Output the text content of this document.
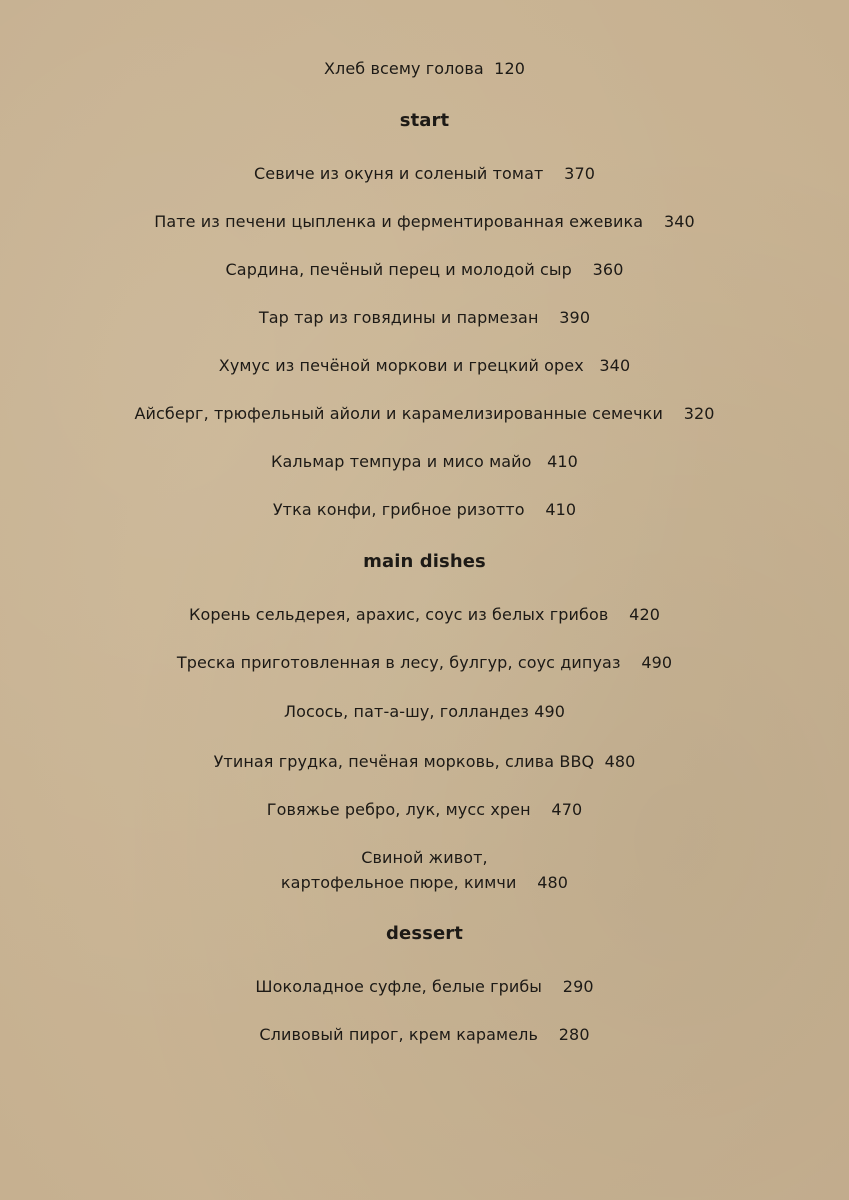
Хлеб всему голова 120
start
Севиче из окуня и соленый томат 370
Пате из печени цыпленка и ферментированная ежевика 340
Сардина, печёный перец и молодой сыр 360
Тар тар из говядины и пармезан 390
Хумус из печёной моркови и грецкий орех 340
Айсберг, трюфельный айоли и карамелизированные семечки 320
Кальмар темпура и мисо майо 410
Утка конфи, грибное ризотто 410
main dishes
Корень сельдерея, арахис, соус из белых грибов 420
Треска приготовленная в лесу, булгур, соус дипуаз 490
Лосось, пат-а-шу, голландез 490
Утиная грудка, печёная морковь, слива BBQ 480
Говяжье ребро, лук, мусс хрен 470
Свиной живот,
картофельное пюре, кимчи 480
dessert
Шоколадное суфле, белые грибы 290
Сливовый пирог, крем карамель 280
